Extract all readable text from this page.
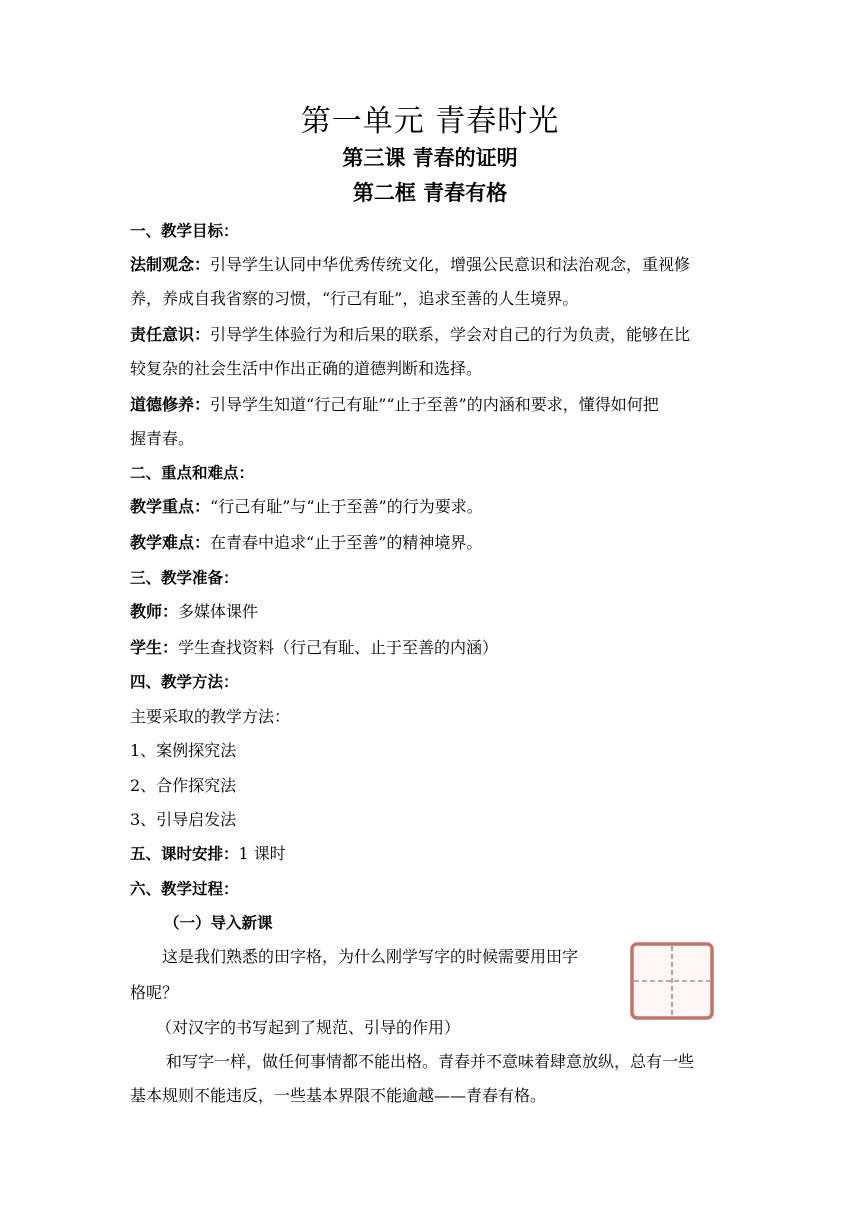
第一单元 青春时光
第三课 青春的证明
第二框 青春有格
一、教学目标：
法制观念：引导学生认同中华优秀传统文化，增强公民意识和法治观念，重视修
养，养成自我省察的习惯，“行己有耻”，追求至善的人生境界。
责任意识：引导学生体验行为和后果的联系，学会对自己的行为负责，能够在比
较复杂的社会生活中作出正确的道德判断和选择。
道德修养：引导学生知道“行己有耻”“止于至善”的内涵和要求，懂得如何把
握青春。
二、重点和难点：
教学重点：“行己有耻”与“止于至善”的行为要求。
教学难点：在青春中追求“止于至善”的精神境界。
三、教学准备：
教师：多媒体课件
学生：学生查找资料（行己有耻、止于至善的内涵）
四、教学方法：
主要采取的教学方法：
1、案例探究法
2、合作探究法
3、引导启发法
五、课时安排：1 课时
六、教学过程：
（一）导入新课
这是我们熟悉的田字格，为什么刚学写字的时候需要用田字
格呢？
（对汉字的书写起到了规范、引导的作用）
和写字一样，做任何事情都不能出格。青春并不意味着肆意放纵，总有一些
基本规则不能违反，一些基本界限不能逾越——青春有格。
